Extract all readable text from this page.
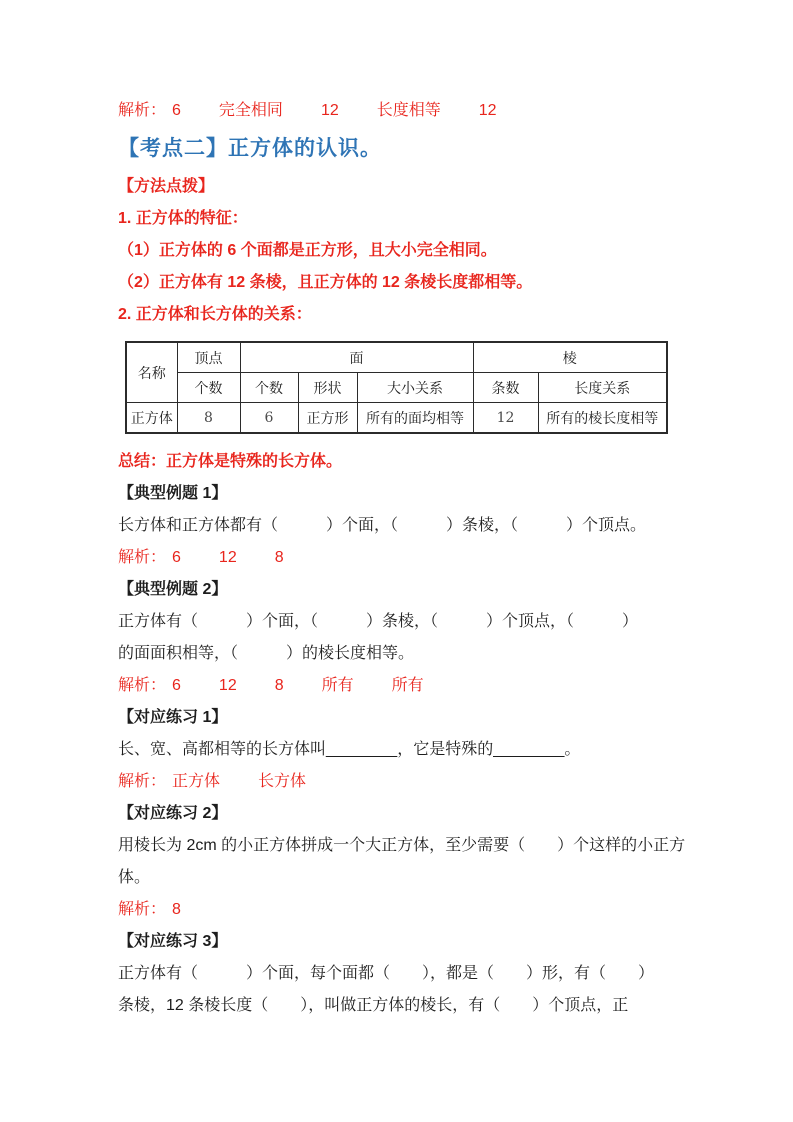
解析： 6 完全相同 12 长度相等 12
【考点二】正方体的认识。
【方法点拨】
1. 正方体的特征：
（1）正方体的 6 个面都是正方形，且大小完全相同。
（2）正方体有 12 条棱，且正方体的 12 条棱长度都相等。
2. 正方体和长方体的关系：
名称	顶点	面			棱	
	个数	个数	形状	大小关系	条数	长度关系
正方体	8	6	正方形	所有的面均相等	12	所有的棱长度相等
总结：正方体是特殊的长方体。
【典型例题 1】
长方体和正方体都有（　　　）个面，（　　　）条棱，（　　　）个顶点。
解析： 6 12 8
【典型例题 2】
正方体有（　　　）个面，（　　　）条棱，（　　　）个顶点，（　　　）
的面面积相等，（　　　）的棱长度相等。
解析： 6 12 8 所有 所有
【对应练习 1】
长、宽、高都相等的长方体叫________，它是特殊的________。
解析： 正方体 长方体
【对应练习 2】
用棱长为 2cm 的小正方体拼成一个大正方体，至少需要（　　）个这样的小正方
体。
解析： 8
【对应练习 3】
正方体有（　　　）个面，每个面都（　　），都是（　　）形，有（　　）
条棱，12 条棱长度（　　），叫做正方体的棱长，有（　　）个顶点，正
